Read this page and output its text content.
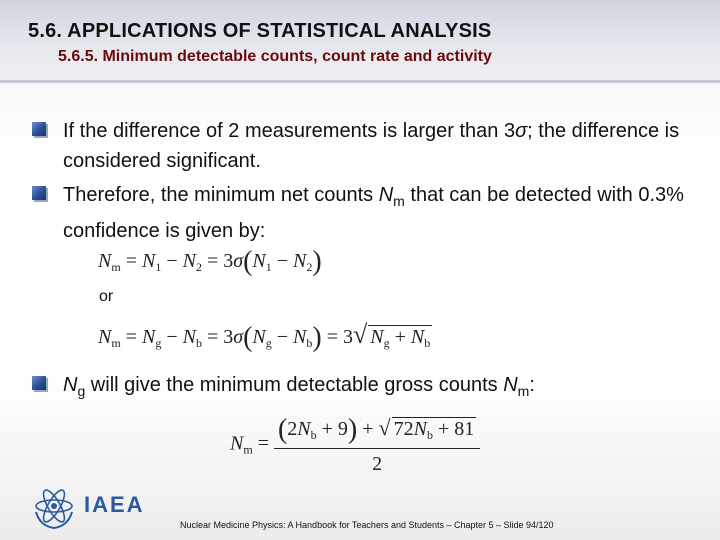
5.6. APPLICATIONS OF STATISTICAL ANALYSIS
5.6.5. Minimum detectable counts, count rate and activity
If the difference of 2 measurements is larger than 3σ; the difference is considered significant.
Therefore, the minimum net counts $N_m$ that can be detected with 0.3% confidence is given by:
$N_m = N_1 - N_2 = 3\sigma(N_1 - N_2)$
or
$N_m = N_g - N_b = 3\sigma(N_g - N_b) = 3√$ $N_g + N_b$
$N_g$ will give the minimum detectable gross counts $N_m$:
$N_m = \frac{(2N_b + 9) + √ 72N_b + 81}{2}$
IAEA
Nuclear Medicine Physics: A Handbook for Teachers and Students – Chapter 5 – Slide 94/120
